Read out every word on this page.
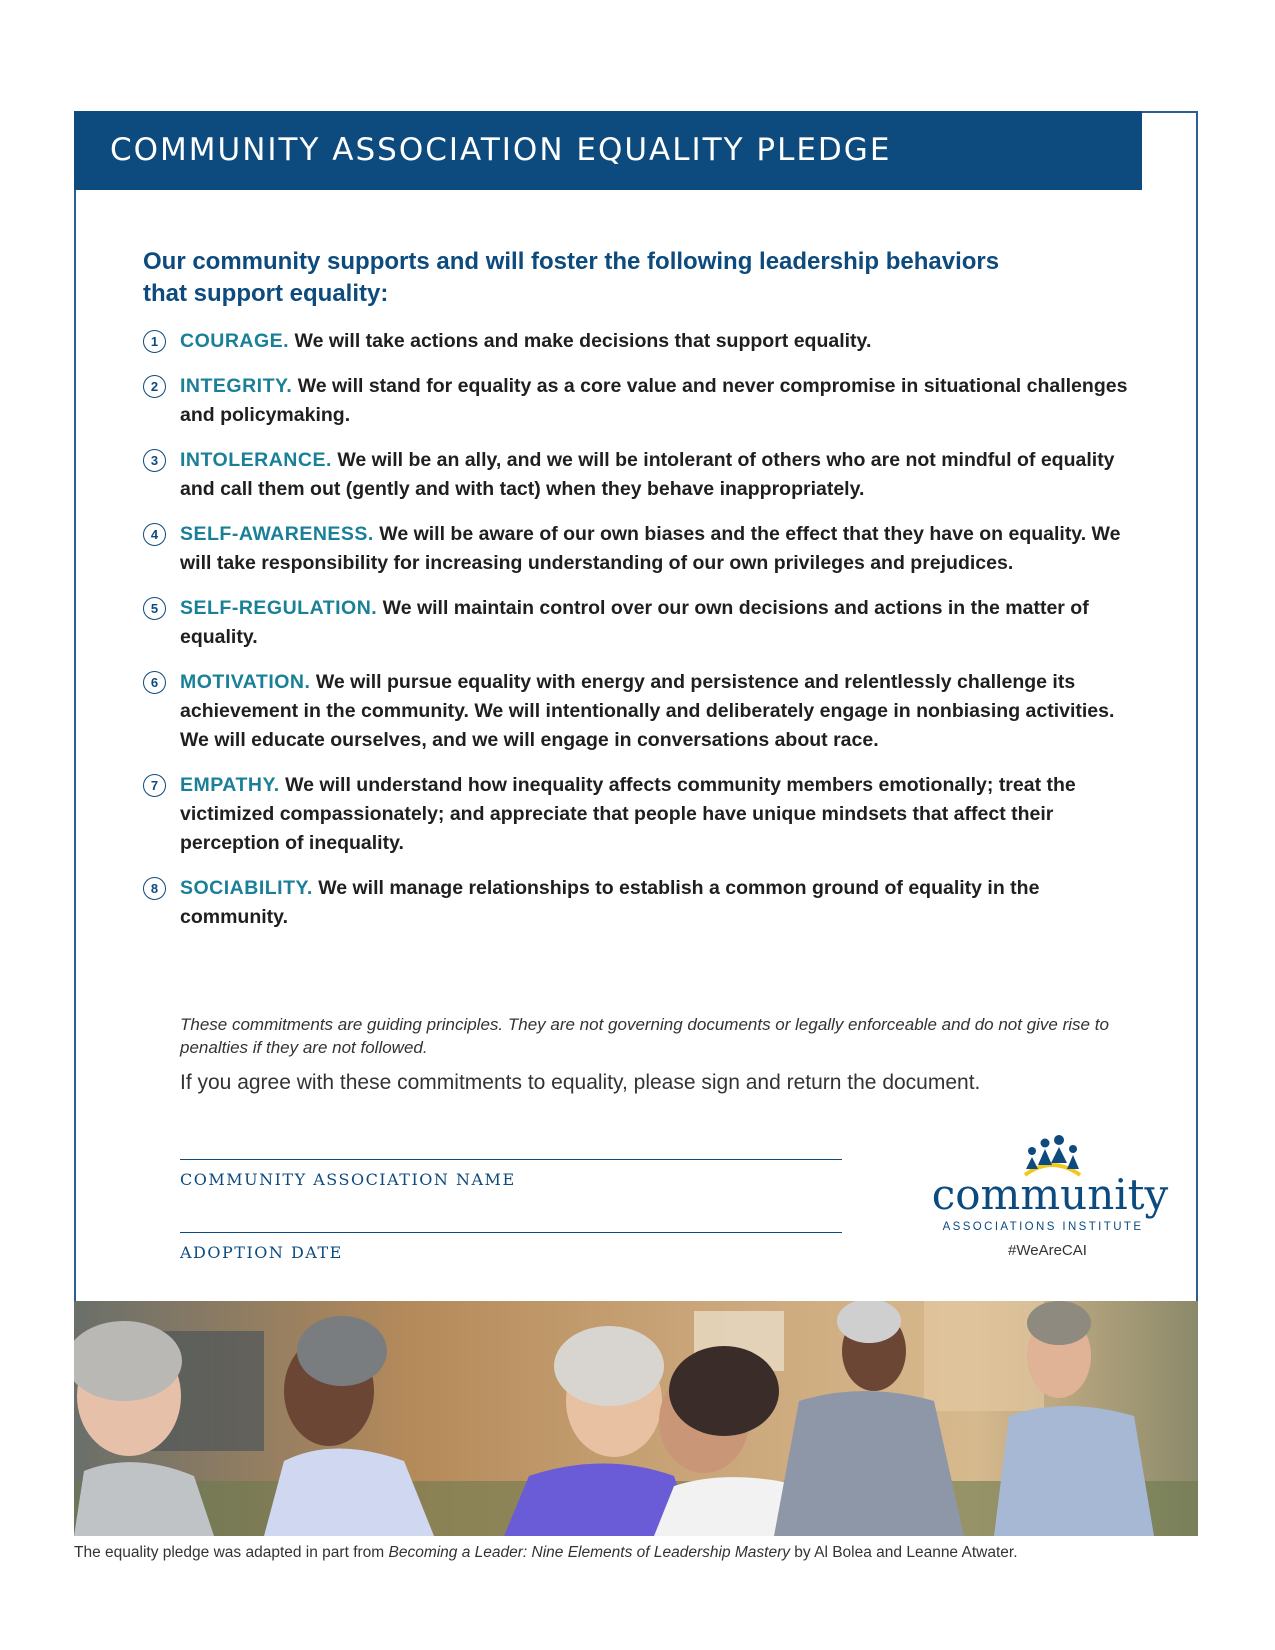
COMMUNITY ASSOCIATION EQUALITY PLEDGE
Our community supports and will foster the following leadership behaviors that support equality:
1	COURAGE. We will take actions and make decisions that support equality.
2	INTEGRITY. We will stand for equality as a core value and never compromise in situational challenges and policymaking.
3	INTOLERANCE. We will be an ally, and we will be intolerant of others who are not mindful of equality and call them out (gently and with tact) when they behave inappropriately.
4	SELF-AWARENESS. We will be aware of our own biases and the effect that they have on equality. We will take responsibility for increasing understanding of our own privileges and prejudices.
5	SELF-REGULATION. We will maintain control over our own decisions and actions in the matter of equality.
6	MOTIVATION. We will pursue equality with energy and persistence and relentlessly challenge its achievement in the community. We will intentionally and deliberately engage in nonbiasing activities. We will educate ourselves, and we will engage in conversations about race.
7	EMPATHY. We will understand how inequality affects community members emotionally; treat the victimized compassionately; and appreciate that people have unique mindsets that affect their perception of inequality.
8	SOCIABILITY. We will manage relationships to establish a common ground of equality in the community.
These commitments are guiding principles. They are not governing documents or legally enforceable and do not give rise to penalties if they are not followed.
If you agree with these commitments to equality, please sign and return the document.
COMMUNITY ASSOCIATION NAME
ADOPTION DATE
community
ASSOCIATIONS INSTITUTE
#WeAreCAI
The equality pledge was adapted in part from Becoming a Leader: Nine Elements of Leadership Mastery by Al Bolea and Leanne Atwater.
